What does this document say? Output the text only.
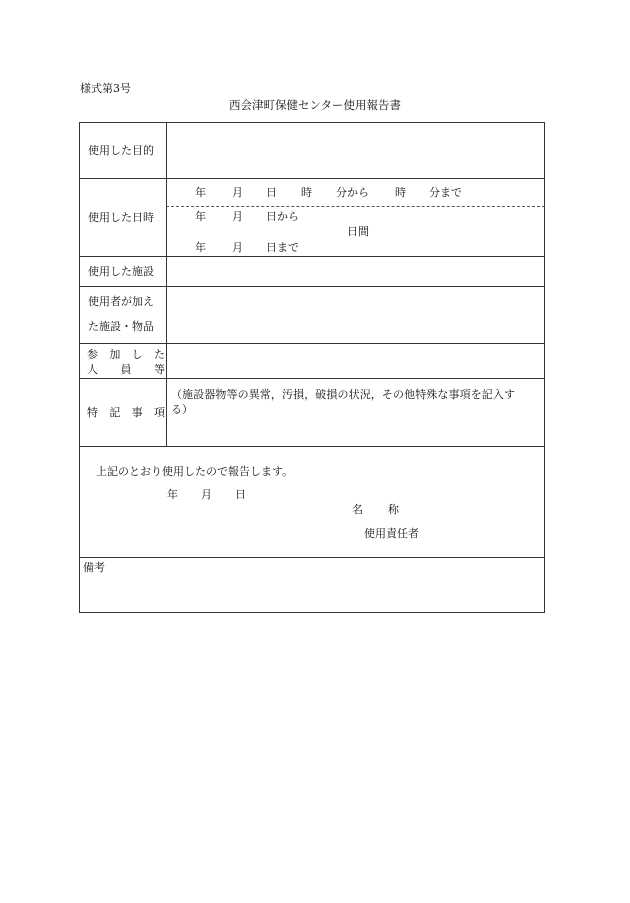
様式第3号
西会津町保健センター使用報告書
使用した目的
使用した日時
使用した施設
使用者が加え
た施設・物品
参 加 し た
人 員 等
特 記 事 項
年 月 日 時 分から 時 分まで
年 月 日から
日間
年 月 日まで
（施設器物等の異常，汚損，破損の状況，その他特殊な事項を記入す
る）
上記のとおり使用したので報告します。
年 月 日
名 称
使用責任者
備考
